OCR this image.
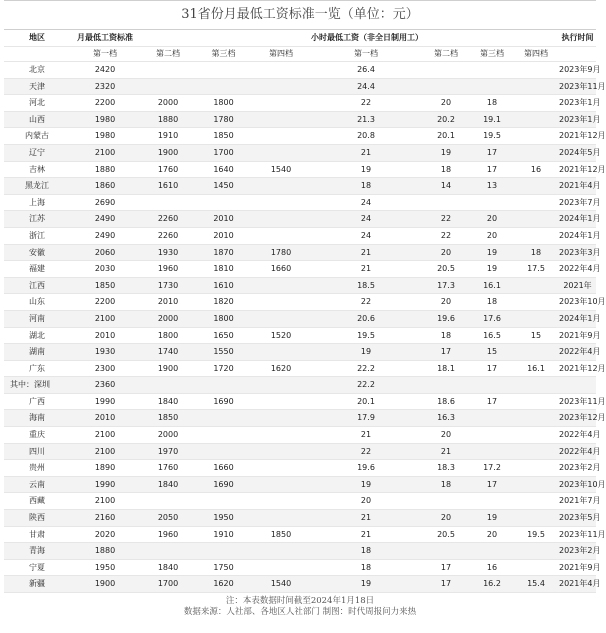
31省份月最低工资标准一览（单位：元）
地区	月最低工资标准				小时最低工资（非全日制用工）				执行时间
	第一档	第二档	第三档	第四档	第一档	第二档	第三档	第四档	
北京	2420				26.4				2023年9月
天津	2320				24.4				2023年11月
河北	2200	2000	1800		22	20	18		2023年1月
山西	1980	1880	1780		21.3	20.2	19.1		2023年1月
内蒙古	1980	1910	1850		20.8	20.1	19.5		2021年12月
辽宁	2100	1900	1700		21	19	17		2024年5月
吉林	1880	1760	1640	1540	19	18	17	16	2021年12月
黑龙江	1860	1610	1450		18	14	13		2021年4月
上海	2690				24				2023年7月
江苏	2490	2260	2010		24	22	20		2024年1月
浙江	2490	2260	2010		24	22	20		2024年1月
安徽	2060	1930	1870	1780	21	20	19	18	2023年3月
福建	2030	1960	1810	1660	21	20.5	19	17.5	2022年4月
江西	1850	1730	1610		18.5	17.3	16.1		2021年
山东	2200	2010	1820		22	20	18		2023年10月
河南	2100	2000	1800		20.6	19.6	17.6		2024年1月
湖北	2010	1800	1650	1520	19.5	18	16.5	15	2021年9月
湖南	1930	1740	1550		19	17	15		2022年4月
广东	2300	1900	1720	1620	22.2	18.1	17	16.1	2021年12月
其中：深圳	2360				22.2				
广西	1990	1840	1690		20.1	18.6	17		2023年11月
海南	2010	1850			17.9	16.3			2023年12月
重庆	2100	2000			21	20			2022年4月
四川	2100	1970			22	21			2022年4月
贵州	1890	1760	1660		19.6	18.3	17.2		2023年2月
云南	1990	1840	1690		19	18	17		2023年10月
西藏	2100				20				2021年7月
陕西	2160	2050	1950		21	20	19		2023年5月
甘肃	2020	1960	1910	1850	21	20.5	20	19.5	2023年11月
青海	1880				18				2023年2月
宁夏	1950	1840	1750		18	17	16		2021年9月
新疆	1900	1700	1620	1540	19	17	16.2	15.4	2021年4月
注：本表数据时间截至2024年1月18日
数据来源：人社部、各地区人社部门 制图：时代周报问力来热
